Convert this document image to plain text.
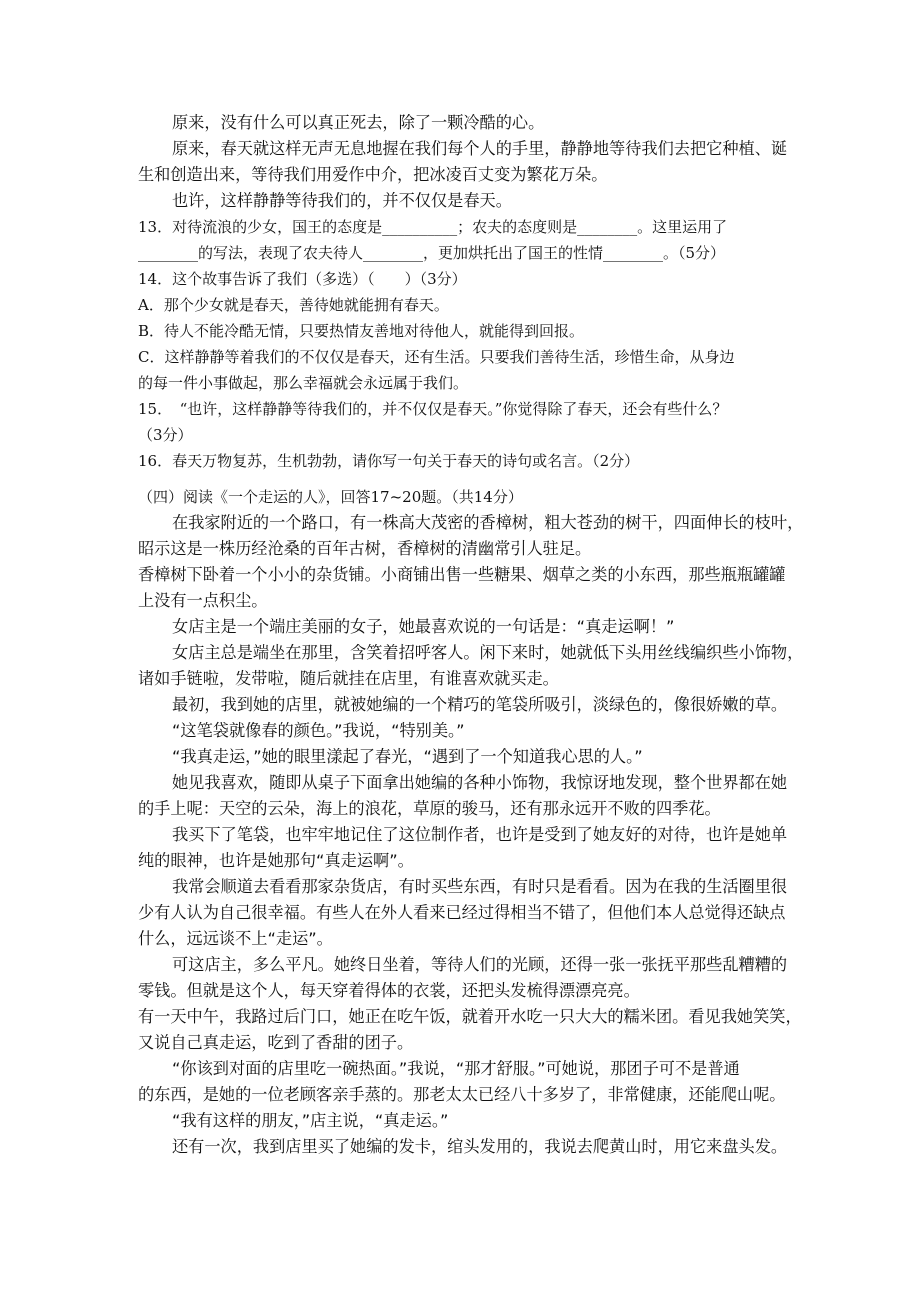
原来，没有什么可以真正死去，除了一颗冷酷的心。

原来，春天就这样无声无息地握在我们每个人的手里，静静地等待我们去把它种植、诞

生和创造出来，等待我们用爱作中介，把冰凌百丈变为繁花万朵。

也许，这样静静等待我们的，并不仅仅是春天。

13．对待流浪的少女，国王的态度是__________；农夫的态度则是________。这里运用了

________的写法，表现了农夫待人________，更加烘托出了国王的性情________。（5分）

14．这个故事告诉了我们（多选）（　　）（3分）

A．那个少女就是春天，善待她就能拥有春天。

B．待人不能冷酷无情，只要热情友善地对待他人，就能得到回报。

C．这样静静等着我们的不仅仅是春天，还有生活。只要我们善待生活，珍惜生命，从身边

的每一件小事做起，那么幸福就会永远属于我们。

15．　“也许，这样静静等待我们的，并不仅仅是春天。”你觉得除了春天，还会有些什么？

（3分）

16．春天万物复苏，生机勃勃，请你写一句关于春天的诗句或名言。（2分）

（四）阅读《一个走运的人》，回答17~20题。（共14分）

在我家附近的一个路口，有一株高大茂密的香樟树，粗大苍劲的树干，四面伸长的枝叶，

昭示这是一株历经沧桑的百年古树，香樟树的清幽常引人驻足。

香樟树下卧着一个小小的杂货铺。小商铺出售一些糖果、烟草之类的小东西，那些瓶瓶罐罐

上没有一点积尘。

女店主是一个端庄美丽的女子，她最喜欢说的一句话是：“真走运啊！”

女店主总是端坐在那里，含笑着招呼客人。闲下来时，她就低下头用丝线编织些小饰物，

诸如手链啦，发带啦，随后就挂在店里，有谁喜欢就买走。

最初，我到她的店里，就被她编的一个精巧的笔袋所吸引，淡绿色的，像很娇嫩的草。

“这笔袋就像春的颜色。”我说，“特别美。”

“我真走运，”她的眼里漾起了春光，“遇到了一个知道我心思的人。”

她见我喜欢，随即从桌子下面拿出她编的各种小饰物，我惊讶地发现，整个世界都在她

的手上呢：天空的云朵，海上的浪花，草原的骏马，还有那永远开不败的四季花。

我买下了笔袋，也牢牢地记住了这位制作者，也许是受到了她友好的对待，也许是她单

纯的眼神，也许是她那句“真走运啊”。

我常会顺道去看看那家杂货店，有时买些东西，有时只是看看。因为在我的生活圈里很

少有人认为自己很幸福。有些人在外人看来已经过得相当不错了，但他们本人总觉得还缺点

什么，远远谈不上“走运”。

可这店主，多么平凡。她终日坐着，等待人们的光顾，还得一张一张抚平那些乱糟糟的

零钱。但就是这个人，每天穿着得体的衣裳，还把头发梳得漂漂亮亮。

有一天中午，我路过后门口，她正在吃午饭，就着开水吃一只大大的糯米团。看见我她笑笑，

又说自己真走运，吃到了香甜的团子。

“你该到对面的店里吃一碗热面。”我说，“那才舒服。”可她说，那团子可不是普通

的东西，是她的一位老顾客亲手蒸的。那老太太已经八十多岁了，非常健康，还能爬山呢。

“我有这样的朋友，”店主说，“真走运。”

还有一次，我到店里买了她编的发卡，绾头发用的，我说去爬黄山时，用它来盘头发。
